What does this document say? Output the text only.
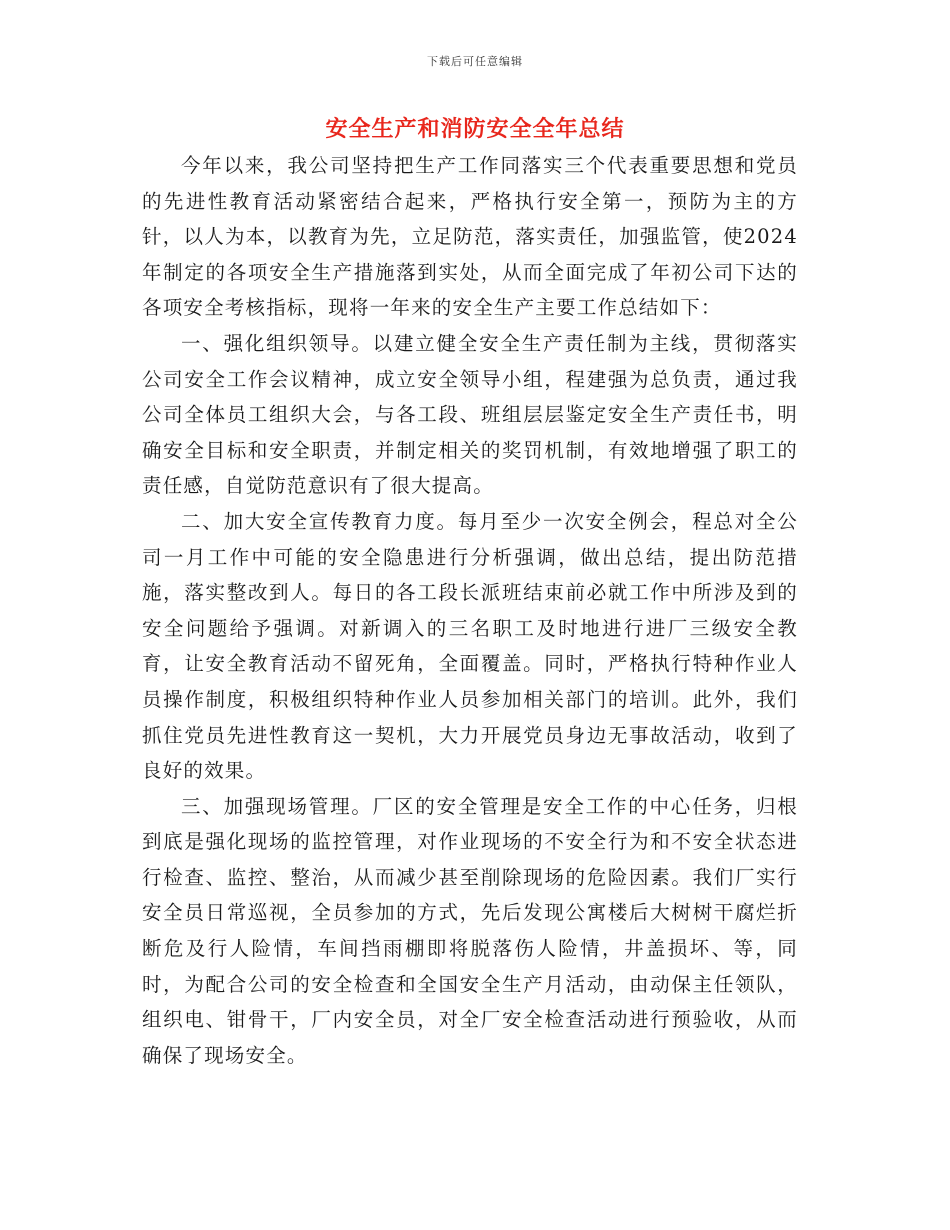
下载后可任意编辑
安全生产和消防安全全年总结

今年以来，我公司坚持把生产工作同落实三个代表重要思想和党员的先进性教育活动紧密结合起来，严格执行安全第一，预防为主的方针，以人为本，以教育为先，立足防范，落实责任，加强监管，使2024年制定的各项安全生产措施落到实处，从而全面完成了年初公司下达的各项安全考核指标，现将一年来的安全生产主要工作总结如下：

一、强化组织领导。以建立健全安全生产责任制为主线，贯彻落实公司安全工作会议精神，成立安全领导小组，程建强为总负责，通过我公司全体员工组织大会，与各工段、班组层层鉴定安全生产责任书，明确安全目标和安全职责，并制定相关的奖罚机制，有效地增强了职工的责任感，自觉防范意识有了很大提高。

二、加大安全宣传教育力度。每月至少一次安全例会，程总对全公司一月工作中可能的安全隐患进行分析强调，做出总结，提出防范措施，落实整改到人。每日的各工段长派班结束前必就工作中所涉及到的安全问题给予强调。对新调入的三名职工及时地进行进厂三级安全教育，让安全教育活动不留死角，全面覆盖。同时，严格执行特种作业人员操作制度，积极组织特种作业人员参加相关部门的培训。此外，我们抓住党员先进性教育这一契机，大力开展党员身边无事故活动，收到了良好的效果。

三、加强现场管理。厂区的安全管理是安全工作的中心任务，归根到底是强化现场的监控管理，对作业现场的不安全行为和不安全状态进行检查、监控、整治，从而减少甚至削除现场的危险因素。我们厂实行安全员日常巡视，全员参加的方式，先后发现公寓楼后大树树干腐烂折断危及行人险情，车间挡雨棚即将脱落伤人险情，井盖损坏、等，同时，为配合公司的安全检查和全国安全生产月活动，由动保主任领队，组织电、钳骨干，厂内安全员，对全厂安全检查活动进行预验收，从而确保了现场安全。
